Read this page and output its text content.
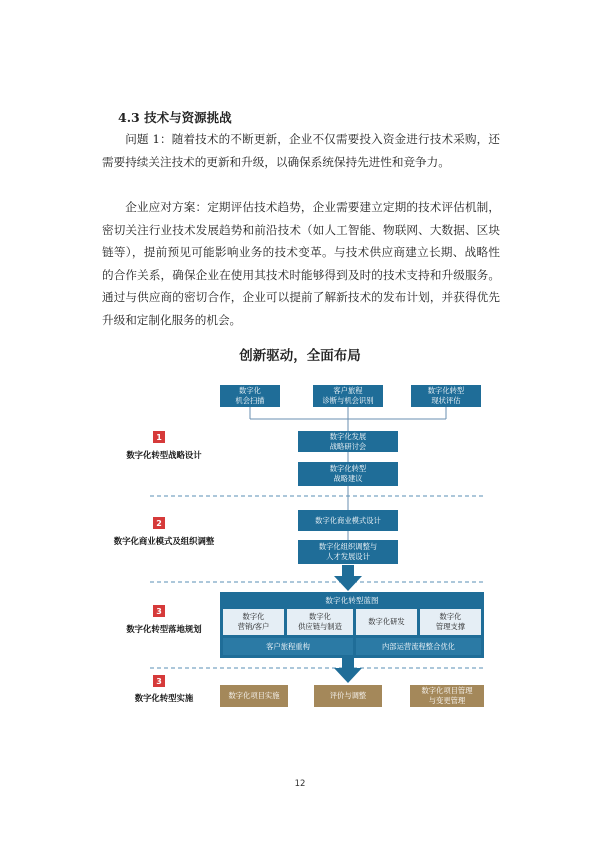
4.3 技术与资源挑战

问题 1：随着技术的不断更新，企业不仅需要投入资金进行技术采购，还需要持续关注技术的更新和升级，以确保系统保持先进性和竞争力。

企业应对方案：定期评估技术趋势，企业需要建立定期的技术评估机制，密切关注行业技术发展趋势和前沿技术（如人工智能、物联网、大数据、区块链等），提前预见可能影响业务的技术变革。与技术供应商建立长期、战略性的合作关系，确保企业在使用其技术时能够得到及时的技术支持和升级服务。通过与供应商的密切合作，企业可以提前了解新技术的发布计划，并获得优先升级和定制化服务的机会。

创新驱动，全面布局
数字化
机会扫描
客户旅程
诊断与机会识别
数字化转型
现状评估
1
数字化转型战略设计
数字化发展
战略研讨会
数字化转型
战略建议
2
数字化商业模式及组织调整
数字化商业模式设计
数字化组织调整与
人才发展设计
3
数字化转型落地规划
数字化转型蓝图
数字化
营销/客户
数字化
供应链与制造
数字化研发
数字化
管理支撑
客户旅程重构	内部运营流程整合优化
3
数字化转型实施	数字化项目实施	评价与调整
数字化项目管理
与变更管理
12
